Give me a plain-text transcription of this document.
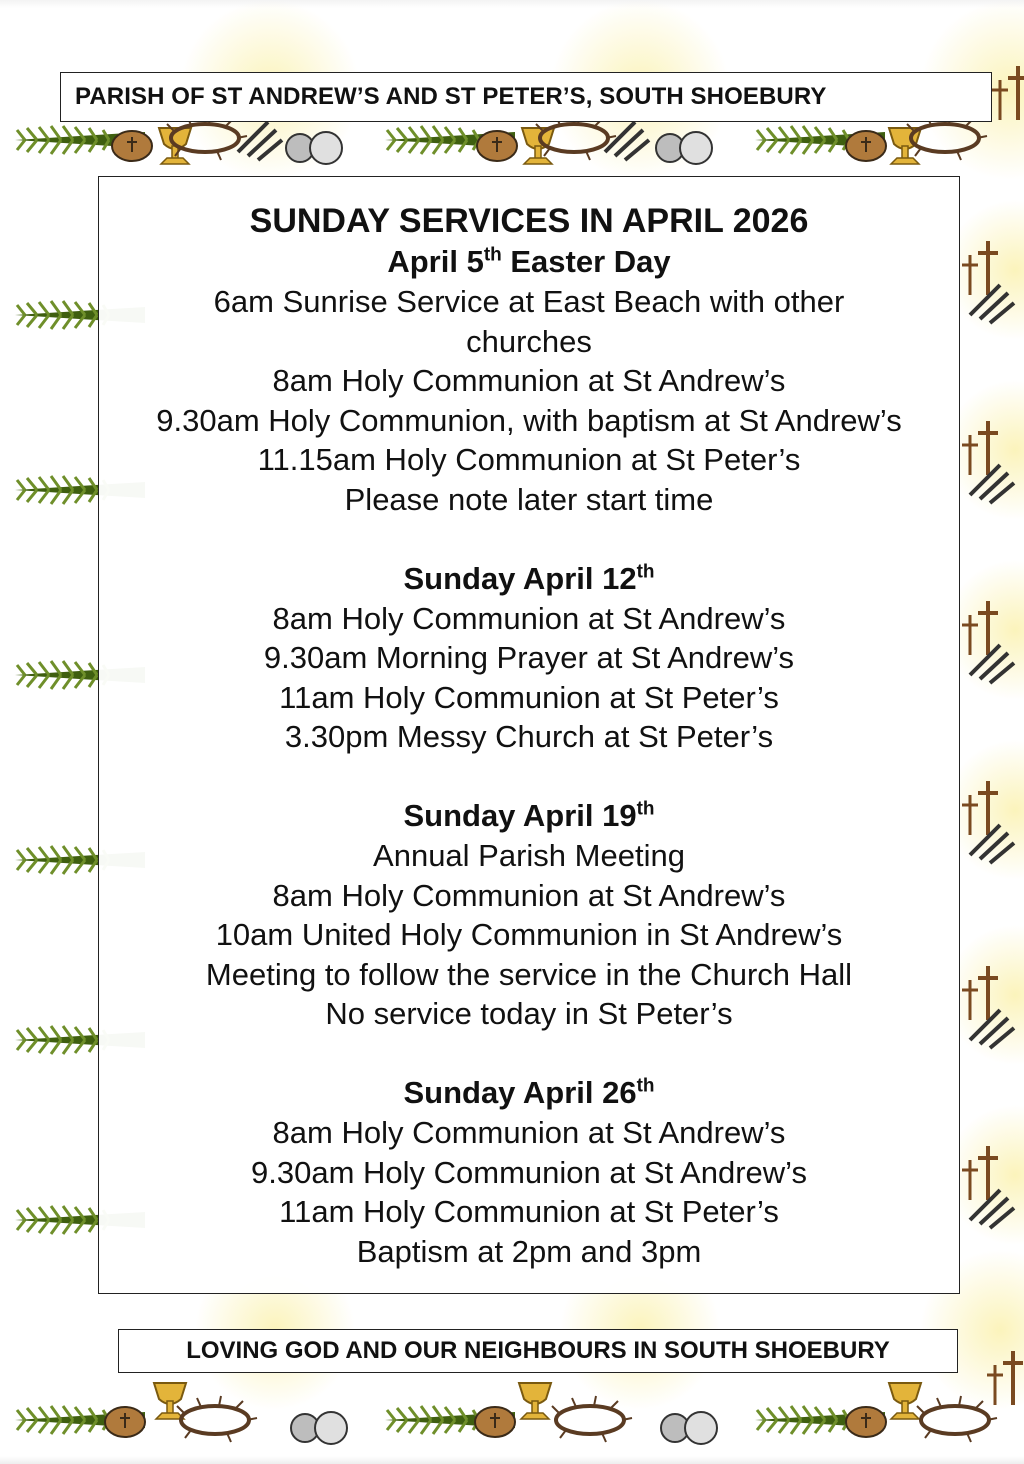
PARISH OF ST ANDREW’S AND ST PETER’S, SOUTH SHOEBURY
SUNDAY SERVICES IN APRIL 2026
April 5th Easter Day
6am Sunrise Service at East Beach with other churches
8am Holy Communion at St Andrew’s
9.30am Holy Communion, with baptism at St Andrew’s
11.15am Holy Communion at St Peter’s
Please note later start time
Sunday April 12th
8am Holy Communion at St Andrew’s
9.30am Morning Prayer at St Andrew’s
11am Holy Communion at St Peter’s
3.30pm Messy Church at St Peter’s
Sunday April 19th
Annual Parish Meeting
8am Holy Communion at St Andrew’s
10am United Holy Communion in St Andrew’s
Meeting to follow the service in the Church Hall
No service today in St Peter’s
Sunday April 26th
8am Holy Communion at St Andrew’s
9.30am Holy Communion at St Andrew’s
11am Holy Communion at St Peter’s
Baptism at 2pm and 3pm
LOVING GOD AND OUR NEIGHBOURS IN SOUTH SHOEBURY
